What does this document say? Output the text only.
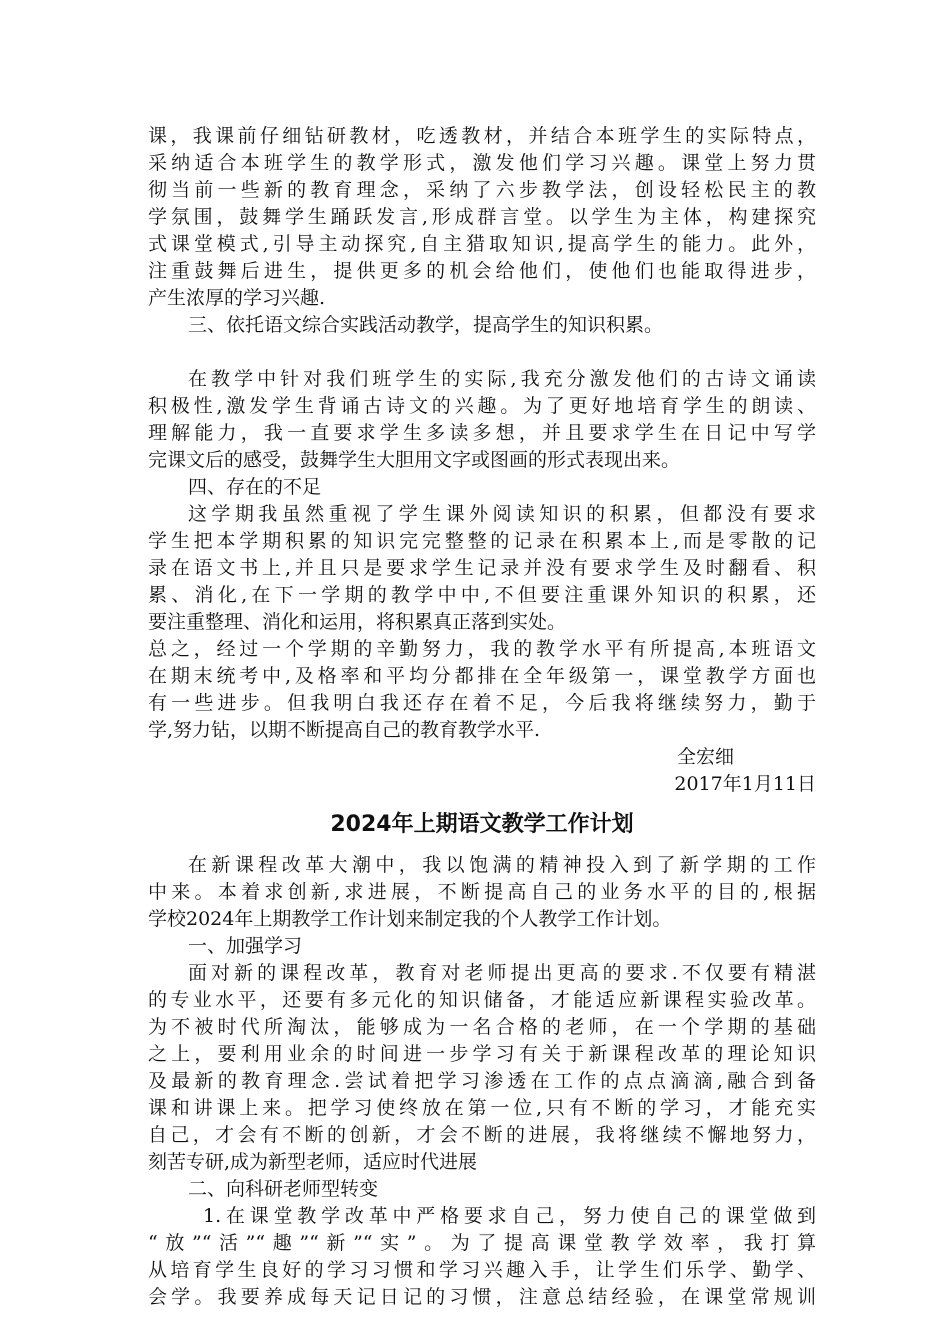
课，我课前仔细钻研教材，吃透教材，并结合本班学生的实际特点，
采纳适合本班学生的教学形式，激发他们学习兴趣。课堂上努力贯
彻当前一些新的教育理念，采纳了六步教学法，创设轻松民主的教
学氛围，鼓舞学生踊跃发言,形成群言堂。以学生为主体，构建探究
式课堂模式,引导主动探究,自主猎取知识,提高学生的能力。此外，
注重鼓舞后进生，提供更多的机会给他们，使他们也能取得进步，
产生浓厚的学习兴趣.
三、依托语文综合实践活动教学，提高学生的知识积累。
在教学中针对我们班学生的实际,我充分激发他们的古诗文诵读
积极性,激发学生背诵古诗文的兴趣。为了更好地培育学生的朗读、
理解能力，我一直要求学生多读多想，并且要求学生在日记中写学
完课文后的感受，鼓舞学生大胆用文字或图画的形式表现出来。
四、存在的不足
这学期我虽然重视了学生课外阅读知识的积累，但都没有要求
学生把本学期积累的知识完完整整的记录在积累本上,而是零散的记
录在语文书上,并且只是要求学生记录并没有要求学生及时翻看、积
累、消化,在下一学期的教学中中,不但要注重课外知识的积累，还
要注重整理、消化和运用，将积累真正落到实处。
总之，经过一个学期的辛勤努力，我的教学水平有所提高,本班语文
在期末统考中,及格率和平均分都排在全年级第一，课堂教学方面也
有一些进步。但我明白我还存在着不足，今后我将继续努力，勤于
学,努力钻，以期不断提高自己的教育教学水平.
全宏细
2017年1月11日
2024年上期语文教学工作计划
在新课程改革大潮中，我以饱满的精神投入到了新学期的工作
中来。本着求创新,求进展，不断提高自己的业务水平的目的,根据
学校2024年上期教学工作计划来制定我的个人教学工作计划。
一、加强学习
面对新的课程改革，教育对老师提出更高的要求.不仅要有精湛
的专业水平，还要有多元化的知识储备，才能适应新课程实验改革。
为不被时代所淘汰，能够成为一名合格的老师，在一个学期的基础
之上，要利用业余的时间进一步学习有关于新课程改革的理论知识
及最新的教育理念.尝试着把学习渗透在工作的点点滴滴,融合到备
课和讲课上来。把学习使终放在第一位,只有不断的学习，才能充实
自己，才会有不断的创新，才会不断的进展，我将继续不懈地努力，
刻苦专研,成为新型老师，适应时代进展
二、向科研老师型转变
1.在课堂教学改革中严格要求自己，努力使自己的课堂做到
“放”“活”“趣”“新”“实”。为了提高课堂教学效率，我打算
从培育学生良好的学习习惯和学习兴趣入手，让学生们乐学、勤学、
会学。我要养成每天记日记的习惯，注意总结经验，在课堂常规训
